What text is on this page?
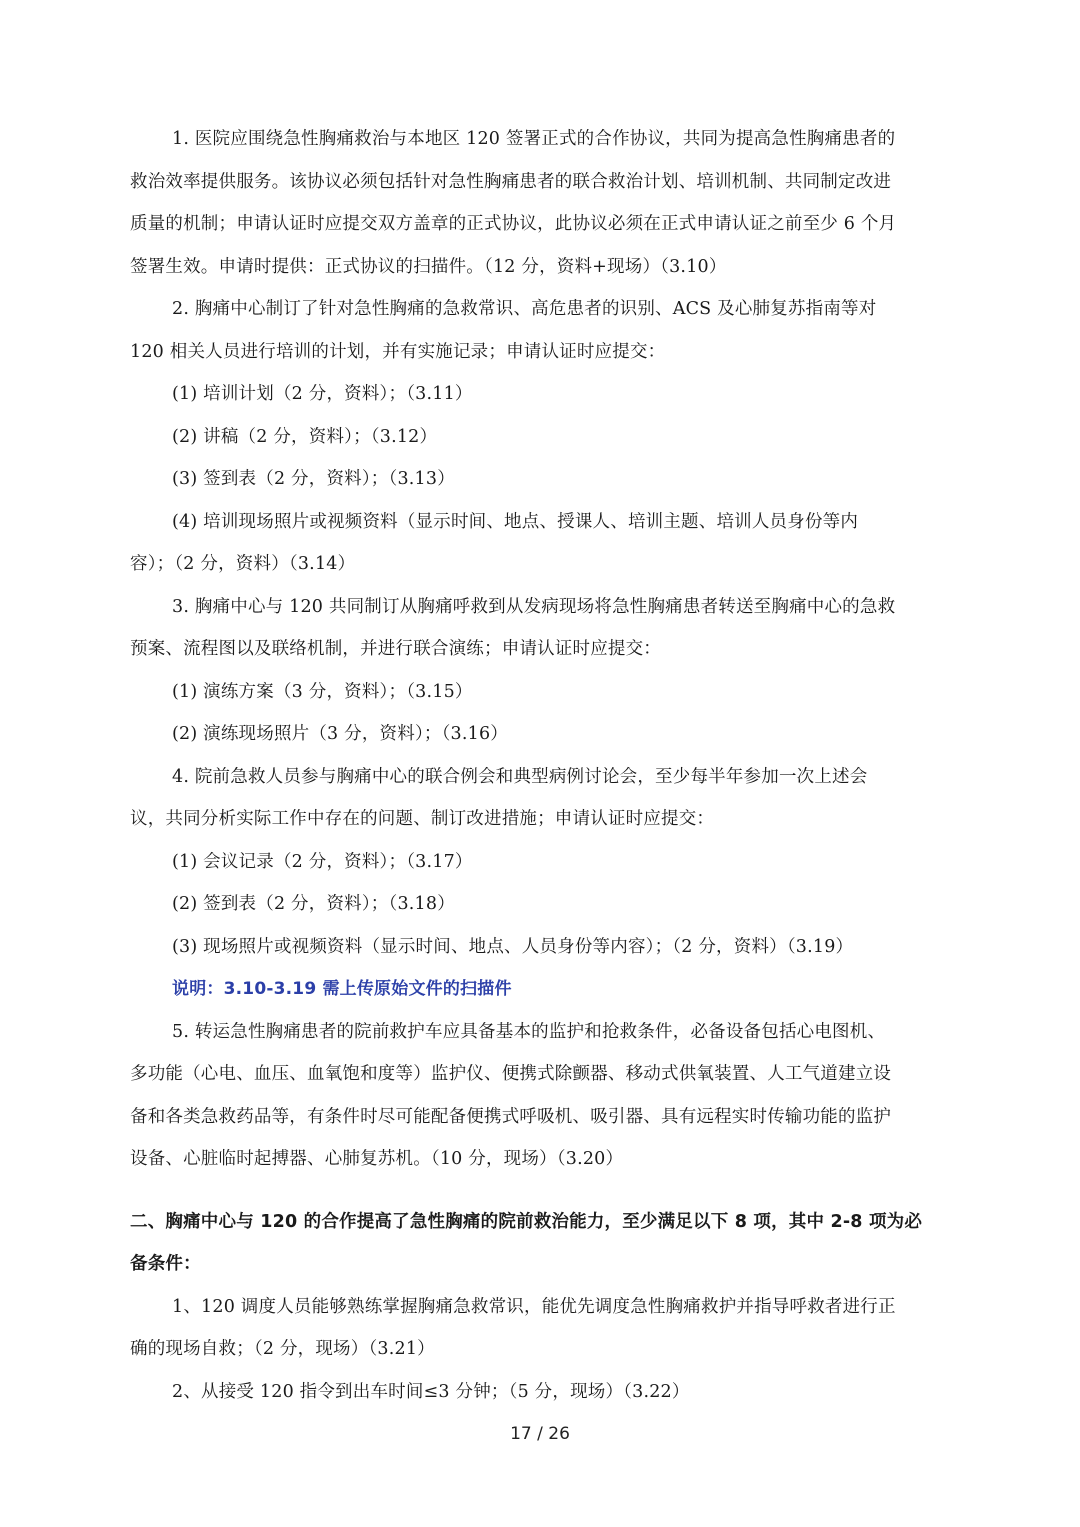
1. 医院应围绕急性胸痛救治与本地区 120 签署正式的合作协议，共同为提高急性胸痛患者的
救治效率提供服务。该协议必须包括针对急性胸痛患者的联合救治计划、培训机制、共同制定改进
质量的机制；申请认证时应提交双方盖章的正式协议，此协议必须在正式申请认证之前至少 6 个月
签署生效。申请时提供：正式协议的扫描件。（12 分，资料+现场）（3.10）
2. 胸痛中心制订了针对急性胸痛的急救常识、高危患者的识别、ACS 及心肺复苏指南等对
120 相关人员进行培训的计划，并有实施记录；申请认证时应提交：
(1) 培训计划（2 分，资料）；（3.11）
(2) 讲稿（2 分，资料）；（3.12）
(3) 签到表（2 分，资料）；（3.13）
(4) 培训现场照片或视频资料（显示时间、地点、授课人、培训主题、培训人员身份等内
容）；（2 分，资料）（3.14）
3. 胸痛中心与 120 共同制订从胸痛呼救到从发病现场将急性胸痛患者转送至胸痛中心的急救
预案、流程图以及联络机制，并进行联合演练；申请认证时应提交：
(1) 演练方案（3 分，资料）；（3.15）
(2) 演练现场照片（3 分，资料）；（3.16）
4. 院前急救人员参与胸痛中心的联合例会和典型病例讨论会，至少每半年参加一次上述会
议，共同分析实际工作中存在的问题、制订改进措施；申请认证时应提交：
(1) 会议记录（2 分，资料）；（3.17）
(2) 签到表（2 分，资料）；（3.18）
(3) 现场照片或视频资料（显示时间、地点、人员身份等内容）；（2 分，资料）（3.19）
说明：3.10-3.19 需上传原始文件的扫描件
5. 转运急性胸痛患者的院前救护车应具备基本的监护和抢救条件，必备设备包括心电图机、
多功能（心电、血压、血氧饱和度等）监护仪、便携式除颤器、移动式供氧装置、人工气道建立设
备和各类急救药品等，有条件时尽可能配备便携式呼吸机、吸引器、具有远程实时传输功能的监护
设备、心脏临时起搏器、心肺复苏机。（10 分，现场）（3.20）
二、胸痛中心与 120 的合作提高了急性胸痛的院前救治能力，至少满足以下 8 项，其中 2-8 项为必
备条件：
1、120 调度人员能够熟练掌握胸痛急救常识，能优先调度急性胸痛救护并指导呼救者进行正
确的现场自救；（2 分，现场）（3.21）
2、从接受 120 指令到出车时间≤3 分钟；（5 分，现场）（3.22）
17 / 26
